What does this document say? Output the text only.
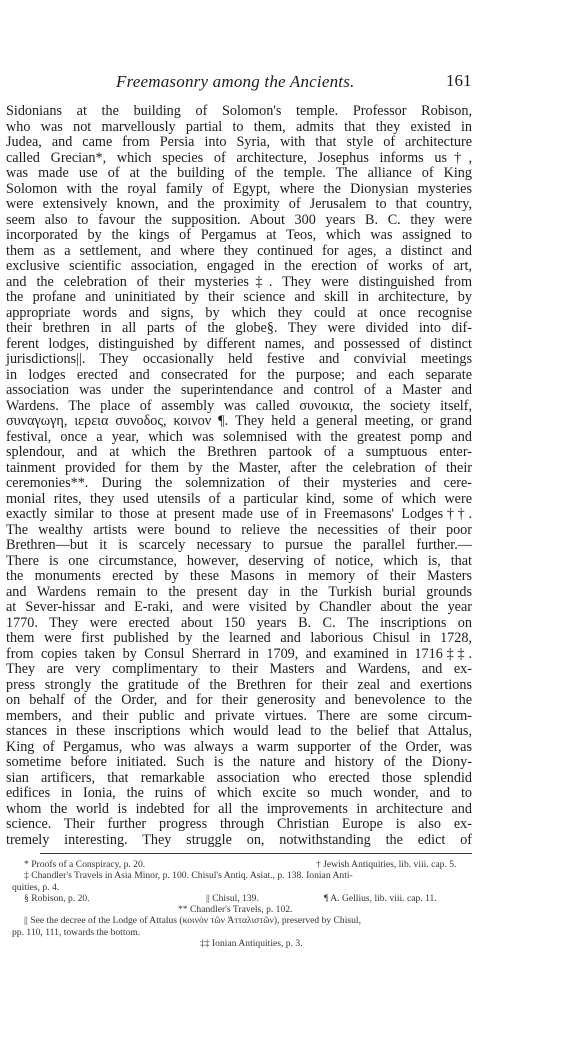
Freemasonry among the Ancients.	161
Sidonians at the building of Solomon's temple. Professor Robison,
who was not marvellously partial to them, admits that they existed in
Judea, and came from Persia into Syria, with that style of architecture
called Grecian*, which species of architecture, Josephus informs us†,
was made use of at the building of the temple. The alliance of King
Solomon with the royal family of Egypt, where the Dionysian mysteries
were extensively known, and the proximity of Jerusalem to that country,
seem also to favour the supposition. About 300 years B. C. they were
incorporated by the kings of Pergamus at Teos, which was assigned to
them as a settlement, and where they continued for ages, a distinct and
exclusive scientific association, engaged in the erection of works of art,
and the celebration of their mysteries‡. They were distinguished from
the profane and uninitiated by their science and skill in architecture, by
appropriate words and signs, by which they could at once recognise
their brethren in all parts of the globe§. They were divided into dif-
ferent lodges, distinguished by different names, and possessed of distinct
jurisdictions||. They occasionally held festive and convivial meetings
in lodges erected and consecrated for the purpose; and each separate
association was under the superintendance and control of a Master and
Wardens. The place of assembly was called συνοικια, the society itself,
συναγωγη, ιερεια συνοδος, κοινον ¶. They held a general meeting, or grand
festival, once a year, which was solemnised with the greatest pomp and
splendour, and at which the Brethren partook of a sumptuous enter-
tainment provided for them by the Master, after the celebration of their
ceremonies**. During the solemnization of their mysteries and cere-
monial rites, they used utensils of a particular kind, some of which were
exactly similar to those at present made use of in Freemasons' Lodges††.
The wealthy artists were bound to relieve the necessities of their poor
Brethren—but it is scarcely necessary to pursue the parallel further.—
There is one circumstance, however, deserving of notice, which is, that
the monuments erected by these Masons in memory of their Masters
and Wardens remain to the present day in the Turkish burial grounds
at Sever-hissar and E-raki, and were visited by Chandler about the year
1770. They were erected about 150 years B. C. The inscriptions on
them were first published by the learned and laborious Chisul in 1728,
from copies taken by Consul Sherrard in 1709, and examined in 1716‡‡.
They are very complimentary to their Masters and Wardens, and ex-
press strongly the gratitude of the Brethren for their zeal and exertions
on behalf of the Order, and for their generosity and benevolence to the
members, and their public and private virtues. There are some circum-
stances in these inscriptions which would lead to the belief that Attalus,
King of Pergamus, who was always a warm supporter of the Order, was
sometime before initiated. Such is the nature and history of the Diony-
sian artificers, that remarkable association who erected those splendid
edifices in Ionia, the ruins of which excite so much wonder, and to
whom the world is indebted for all the improvements in architecture and
science. Their further progress through Christian Europe is also ex-
tremely interesting. They struggle on, notwithstanding the edict of
* Proofs of a Conspiracy, p. 20.	† Jewish Antiquities, lib. viii. cap. 5.
‡ Chandler's Travels in Asia Minor, p. 100. Chisul's Antiq. Asiat., p. 138. Ionian Anti-
quities, p. 4.
§ Robison, p. 20.	|| Chisul, 139.	¶ A. Gellius, lib. viii. cap. 11.
** Chandler's Travels, p. 102.
|| See the decree of the Lodge of Attalus (κοινὸν τῶν Ἀτταλιστῶν), preserved by Chisul,
pp. 110, 111, towards the bottom.
‡‡ Ionian Antiquities, p. 3.
